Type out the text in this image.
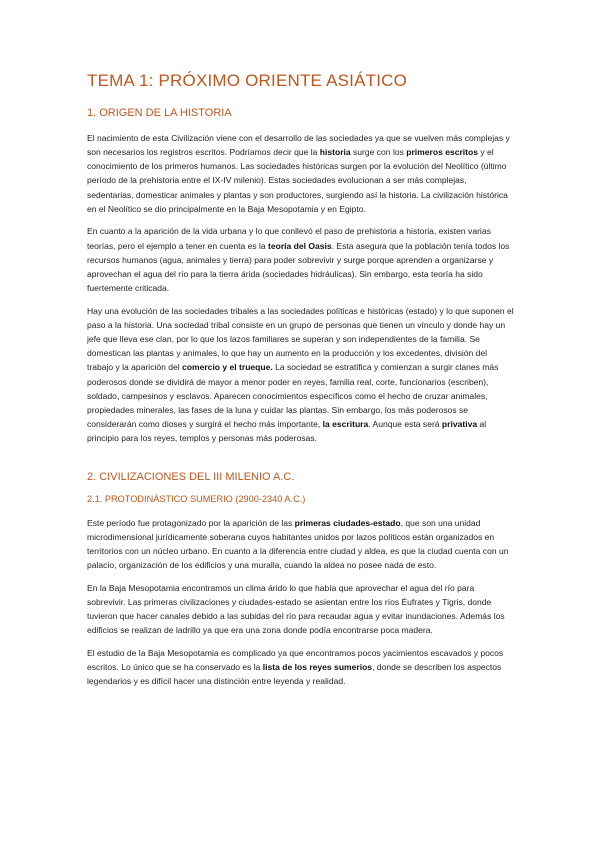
TEMA 1: PRÓXIMO ORIENTE ASIÁTICO
1. ORIGEN DE LA HISTORIA

El nacimiento de esta Civilización viene con el desarrollo de las sociedades ya que se vuelven más complejas y son necesarios los registros escritos. Podríamos decir que la historia surge con los primeros escritos y el conocimiento de los primeros humanos. Las sociedades históricas surgen por la evolución del Neolítico (último período de la prehistoria entre el IX-IV milenio). Estas sociedades evolucionan a ser más complejas, sedentarias, domesticar animales y plantas y son productores, surgiendo así la historia. La civilización histórica en el Neolítico se dio principalmente en la Baja Mesopotamia y en Egipto.

En cuanto a la aparición de la vida urbana y lo que conllevó el paso de prehistoria a historia, existen varias teorías, pero el ejemplo a tener en cuenta es la teoría del Oasis. Esta asegura que la población tenía todos los recursos humanos (agua, animales y tierra) para poder sobrevivir y surge porque aprenden a organizarse y aprovechan el agua del río para la tierra árida (sociedades hidráulicas). Sin embargo, esta teoría ha sido fuertemente criticada.

Hay una evolución de las sociedades tribales a las sociedades políticas e históricas (estado) y lo que suponen el paso a la historia. Una sociedad tribal consiste en un grupo de personas que tienen un vínculo y donde hay un jefe que lleva ese clan, por lo que los lazos familiares se superan y son independientes de la familia. Se domestican las plantas y animales, lo que hay un aumento en la producción y los excedentes, división del trabajo y la aparición del comercio y el trueque. La sociedad se estratifica y comienzan a surgir clanes más poderosos donde se dividirá de mayor a menor poder en reyes, familia real, corte, funcionarios (escriben), soldado, campesinos y esclavos. Aparecen conocimientos específicos como el hecho de cruzar animales, propiedades minerales, las fases de la luna y cuidar las plantas. Sin embargo, los más poderosos se considerarán como dioses y surgirá el hecho más importante, la escritura. Aunque esta será privativa al principio para los reyes, templos y personas más poderosas.

2. CIVILIZACIONES DEL III MILENIO A.C.
2.1. PROTODINÁSTICO SUMERIO (2900-2340 A.C.)

Este período fue protagonizado por la aparición de las primeras ciudades-estado, que son una unidad microdimensional jurídicamente soberana cuyos habitantes unidos por lazos políticos están organizados en territorios con un núcleo urbano. En cuanto a la diferencia entre ciudad y aldea, es que la ciudad cuenta con un palacio, organización de los edificios y una muralla, cuando la aldea no posee nada de esto.

En la Baja Mesopotamia encontramos un clima árido lo que había que aprovechar el agua del río para sobrevivir. Las primeras civilizaciones y ciudades-estado se asientan entre los ríos Éufrates y Tigris, donde tuvieron que hacer canales debido a las subidas del río para recaudar agua y evitar inundaciones. Además los edificios se realizan de ladrillo ya que era una zona donde podía encontrarse poca madera.

El estudio de la Baja Mesopotamia es complicado ya que encontramos pocos yacimientos escavados y pocos escritos. Lo único que se ha conservado es la lista de los reyes sumerios, donde se describen los aspectos legendarios y es difícil hacer una distinción entre leyenda y realidad.
